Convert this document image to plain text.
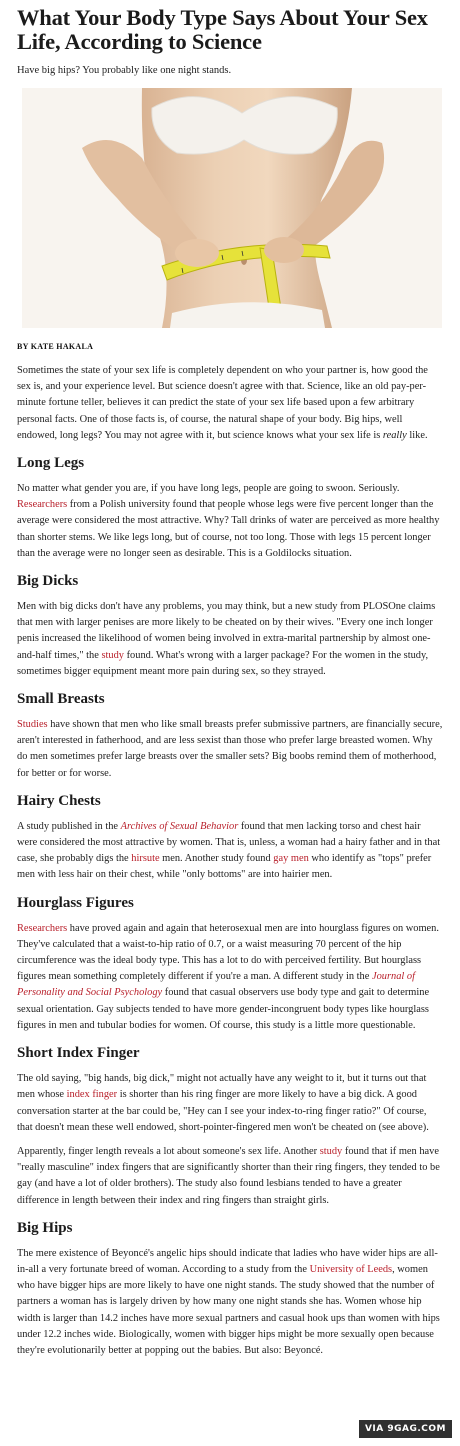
What Your Body Type Says About Your Sex Life, According to Science
Have big hips? You probably like one night stands.
BY KATE HAKALA

Sometimes the state of your sex life is completely dependent on who your partner is, how good the sex is, and your experience level. But science doesn't agree with that. Science, like an old pay-per-minute fortune teller, believes it can predict the state of your sex life based upon a few arbitrary personal facts. One of those facts is, of course, the natural shape of your body. Big hips, well endowed, long legs? You may not agree with it, but science knows what your sex life is really like.

Long Legs

No matter what gender you are, if you have long legs, people are going to swoon. Seriously.
Researchers from a Polish university found that people whose legs were five percent longer than the average were considered the most attractive. Why? Tall drinks of water are perceived as more healthy than shorter stems. We like legs long, but of course, not too long. Those with legs 15 percent longer than the average were no longer seen as desirable. This is a Goldilocks situation.

Big Dicks

Men with big dicks don't have any problems, you may think, but a new study from PLOSOne claims that men with larger penises are more likely to be cheated on by their wives. "Every one inch longer penis increased the likelihood of women being involved in extra-marital partnership by almost one-and-half times," the study found. What's wrong with a larger package? For the women in the study, sometimes bigger equipment meant more pain during sex, so they strayed.

Small Breasts

Studies have shown that men who like small breasts prefer submissive partners, are financially secure, aren't interested in fatherhood, and are less sexist than those who prefer large breasted women. Why do men sometimes prefer large breasts over the smaller sets? Big boobs remind them of motherhood, for better or for worse.

Hairy Chests

A study published in the Archives of Sexual Behavior found that men lacking torso and chest hair were considered the most attractive by women. That is, unless, a woman had a hairy father and in that case, she probably digs the hirsute men. Another study found gay men who identify as "tops" prefer men with less hair on their chest, while "only bottoms" are into hairier men.

Hourglass Figures

Researchers have proved again and again that heterosexual men are into hourglass figures on women. They've calculated that a waist-to-hip ratio of 0.7, or a waist measuring 70 percent of the hip circumference was the ideal body type. This has a lot to do with perceived fertility. But hourglass figures mean something completely different if you're a man. A different study in the Journal of Personality and Social Psychology found that casual observers use body type and gait to determine sexual orientation. Gay subjects tended to have more gender-incongruent body types like hourglass figures in men and tubular bodies for women. Of course, this study is a little more questionable.

Short Index Finger

The old saying, "big hands, big dick," might not actually have any weight to it, but it turns out that men whose index finger is shorter than his ring finger are more likely to have a big dick. A good conversation starter at the bar could be, "Hey can I see your index-to-ring finger ratio?" Of course, that doesn't mean these well endowed, short-pointer-fingered men won't be cheated on (see above).

Apparently, finger length reveals a lot about someone's sex life. Another study found that if men have "really masculine" index fingers that are significantly shorter than their ring fingers, they tended to be gay (and have a lot of older brothers). The study also found lesbians tended to have a greater difference in length between their index and ring fingers than straight girls.

Big Hips

The mere existence of Beyoncé's angelic hips should indicate that ladies who have wider hips are all-in-all a very fortunate breed of woman. According to a study from the University of Leeds, women who have bigger hips are more likely to have one night stands. The study showed that the number of partners a woman has is largely driven by how many one night stands she has. Women whose hip width is larger than 14.2 inches have more sexual partners and casual hook ups than women with hips under 12.2 inches wide. Biologically, women with bigger hips might be more sexually open because they're evolutionarily better at popping out the babies. But also: Beyoncé.

VIA 9GAG.COM
